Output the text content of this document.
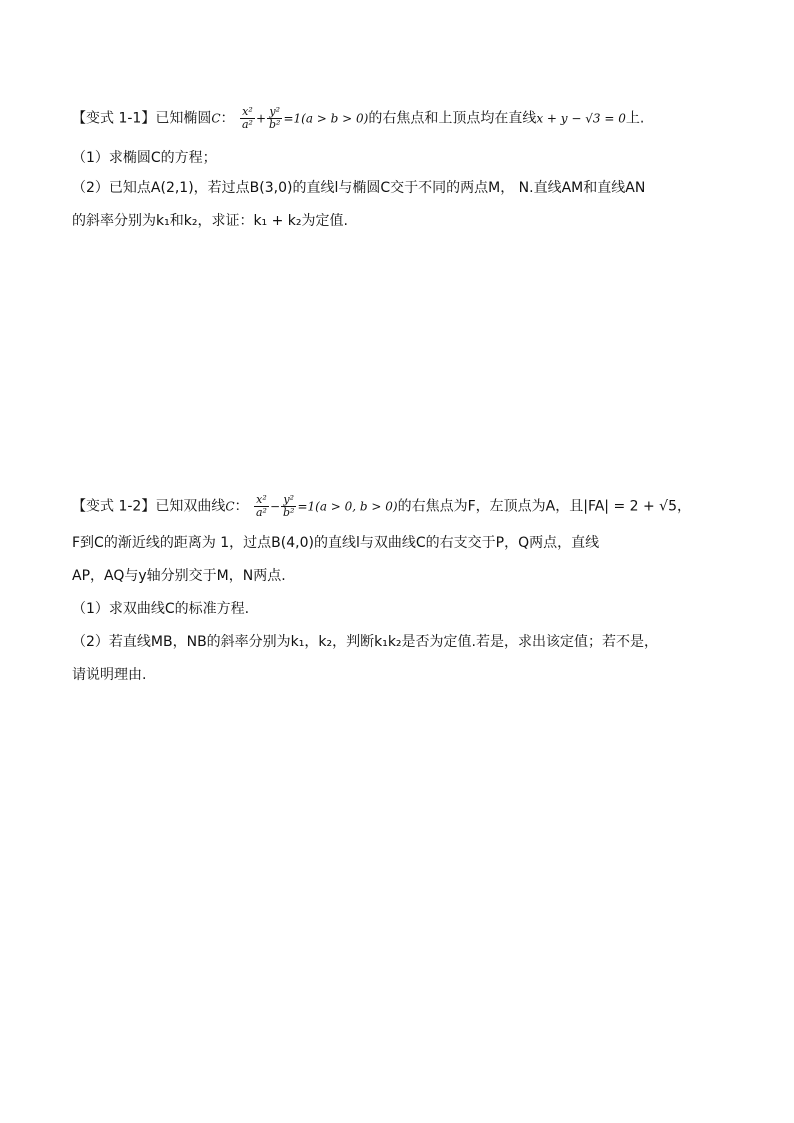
【变式 1-1】已知椭圆C： $\frac{\text{x²}}{\text{a²}} + \frac{\text{y²}}{\text{b²}} =1(a > b > 0)$的右焦点和上顶点均在直线x + y − √3 = 0上.
（1）求椭圆C的方程；
（2）已知点A(2,1)，若过点B(3,0)的直线l与椭圆C交于不同的两点M， N.直线AM和直线AN
的斜率分别为k₁和k₂，求证：k₁ + k₂为定值.
【变式 1-2】已知双曲线C： $\frac{\text{x²}}{\text{a²}} - \frac{\text{y²}}{\text{b²}} =1(a > 0$, b > 0)的右焦点为F，左顶点为A，且|FA| = 2 + √5，
F到C的渐近线的距离为 1，过点B(4,0)的直线l与双曲线C的右支交于P，Q两点，直线
AP，AQ与y轴分别交于M，N两点.
（1）求双曲线C的标准方程.
（2）若直线MB，NB的斜率分别为k₁，k₂，判断k₁k₂是否为定值.若是，求出该定值；若不是，
请说明理由.
